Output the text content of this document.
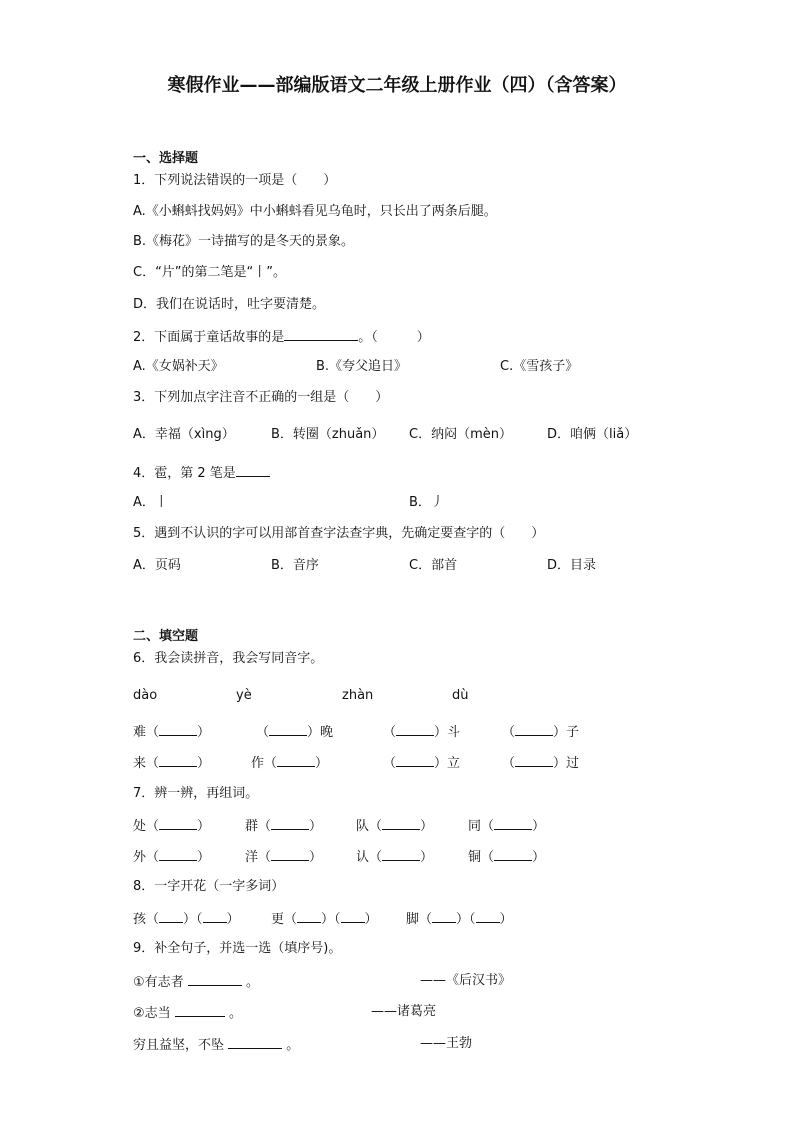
寒假作业——部编版语文二年级上册作业（四）（含答案）
一、选择题
1．下列说法错误的一项是（　　）
A.《小蝌蚪找妈妈》中小蝌蚪看见乌龟时，只长出了两条后腿。
B.《梅花》一诗描写的是冬天的景象。
C．“片”的第二笔是“丨”。
D．我们在说话时，吐字要清楚。
2．下面属于童话故事的是	。（　　　）
A.《女娲补天》	B.《夸父追日》	C.《雪孩子》
3．下列加点字注音不正确的一组是（　　）
A．幸福（xìng）	B．转圈（zhuǎn） C．纳闷（mèn）	D．咱俩（liǎ）
4．雹，第 2 笔是
A．丨	B．丿
5．遇到不认识的字可以用部首查字法查字典，先确定要查字的（　　）
A．页码	B．音序	C．部首	D．目录
二、填空题
6．我会读拼音，我会写同音字。
dào	yè	zhàn	dù
难（	）	（	）晚	（	）斗	（	）子
来（	）	作（	）	（	）立	（	）过
7．辨一辨，再组词。
处（	）	群（	）	队（	）	同（	）
外（	）	洋（	）	认（	）	铜（	）
8．一字开花（一字多词）
孩（ ）（ ） 更（ ）（ ） 脚（ ）（ ）
9．补全句子，并选一选（填序号)。
①有志者	。	——《后汉书》
②志当	。	——诸葛亮
穷且益坚，不坠	。	——王勃
